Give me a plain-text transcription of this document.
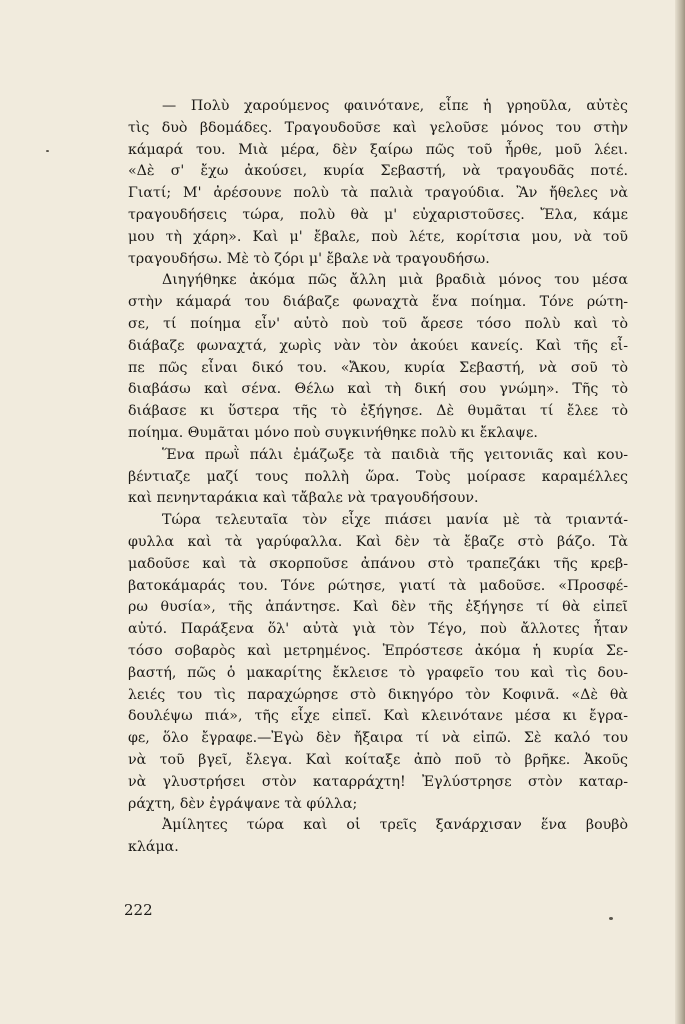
— Πολὺ χαρούμενος φαινότανε, εἶπε ἡ γρηοῦλα, αὐτὲς
τὶς δυὸ βδομάδες. Τραγουδοῦσε καὶ γελοῦσε μόνος του στὴν
κάμαρά του. Μιὰ μέρα, δὲν ξαίρω πῶς τοῦ ἦρθε, μοῦ λέει.
«Δὲ σ' ἔχω ἀκούσει, κυρία Σεβαστή, νὰ τραγουδᾶς ποτέ.
Γιατί; Μ' ἀρέσουνε πολὺ τὰ παλιὰ τραγούδια. Ἂν ἤθελες νὰ
τραγουδήσεις τώρα, πολὺ θὰ μ' εὐχαριστοῦσες. Ἔλα, κάμε
μου τὴ χάρη». Καὶ μ' ἔβαλε, ποὺ λέτε, κορίτσια μου, νὰ τοῦ
τραγουδήσω. Μὲ τὸ ζόρι μ' ἔβαλε νὰ τραγουδήσω.
Διηγήθηκε ἀκόμα πῶς ἄλλη μιὰ βραδιὰ μόνος του μέσα
στὴν κάμαρά του διάβαζε φωναχτὰ ἕνα ποίημα. Τόνε ρώτη-
σε, τί ποίημα εἶν' αὐτὸ ποὺ τοῦ ἄρεσε τόσο πολὺ καὶ τὸ
διάβαζε φωναχτά, χωρὶς νὰν τὸν ἀκούει κανείς. Καὶ τῆς εἶ-
πε πῶς εἶναι δικό του. «Ἄκου, κυρία Σεβαστή, νὰ σοῦ τὸ
διαβάσω καὶ σένα. Θέλω καὶ τὴ δική σου γνώμη». Τῆς τὸ
διάβασε κι ὕστερα τῆς τὸ ἐξήγησε. Δὲ θυμᾶται τί ἔλεε τὸ
ποίημα. Θυμᾶται μόνο ποὺ συγκινήθηκε πολὺ κι ἔκλαψε.
Ἕνα πρωῒ πάλι ἐμάζωξε τὰ παιδιὰ τῆς γειτονιᾶς καὶ κου-
βέντιαζε μαζί τους πολλὴ ὥρα. Τοὺς μοίρασε καραμέλλες
καὶ πενηνταράκια καὶ τἄβαλε νὰ τραγουδήσουν.
Τώρα τελευταῖα τὸν εἶχε πιάσει μανία μὲ τὰ τριαντά-
φυλλα καὶ τὰ γαρύφαλλα. Καὶ δὲν τὰ ἔβαζε στὸ βάζο. Τὰ
μαδοῦσε καὶ τὰ σκορποῦσε ἀπάνου στὸ τραπεζάκι τῆς κρεβ-
βατοκάμαράς του. Τόνε ρώτησε, γιατί τὰ μαδοῦσε. «Προσφέ-
ρω θυσία», τῆς ἀπάντησε. Καὶ δὲν τῆς ἐξήγησε τί θὰ εἰπεῖ
αὐτό. Παράξενα ὅλ' αὐτὰ γιὰ τὸν Τέγο, ποὺ ἄλλοτες ἦταν
τόσο σοβαρὸς καὶ μετρημένος. Ἐπρόστεσε ἀκόμα ἡ κυρία Σε-
βαστή, πῶς ὁ μακαρίτης ἔκλεισε τὸ γραφεῖο του καὶ τὶς δου-
λειές του τὶς παραχώρησε στὸ δικηγόρο τὸν Κοφινᾶ. «Δὲ θὰ
δουλέψω πιά», τῆς εἶχε εἰπεῖ. Καὶ κλεινότανε μέσα κι ἔγρα-
φε, ὅλο ἔγραφε.—Ἐγὼ δὲν ἤξαιρα τί νὰ εἰπῶ. Σὲ καλό του
νὰ τοῦ βγεῖ, ἔλεγα. Καὶ κοίταξε ἀπὸ ποῦ τὸ βρῆκε. Ἀκοῦς
νὰ γλυστρήσει στὸν καταρράχτη! Ἐγλύστρησε στὸν καταρ-
ράχτη, δὲν ἐγράψανε τὰ φύλλα;
Ἀμίλητες τώρα καὶ οἱ τρεῖς ξανάρχισαν ἕνα βουβὸ
κλάμα.
222
